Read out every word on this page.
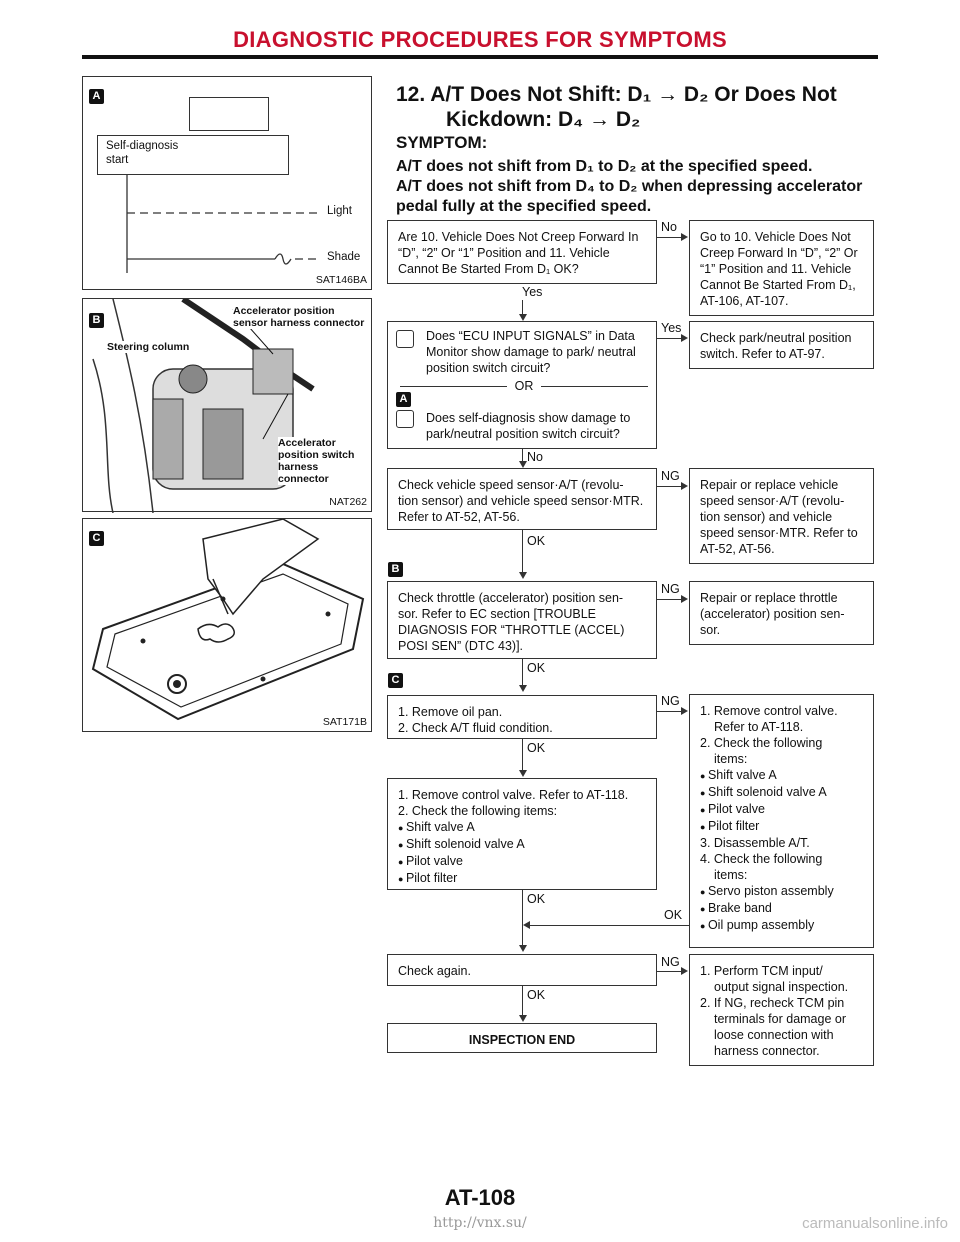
DIAGNOSTIC PROCEDURES FOR SYMPTOMS
A
Self-diagnosis
start
Light
Shade
SAT146BA
B
Accelerator position sensor harness connector
Steering column
Accelerator position switch harness connector
NAT262
C
SAT171B
12. A/T Does Not Shift: D₁ → D₂ Or Does Not
Kickdown: D₄ → D₂
SYMPTOM:
A/T does not shift from D₁ to D₂ at the specified speed.
A/T does not shift from D₄ to D₂ when depressing accelerator
pedal fully at the specified speed.
Are 10. Vehicle Does Not Creep Forward In “D”, “2” Or “1” Position and 11. Vehicle Cannot Be Started From D₁ OK?
No
Go to 10. Vehicle Does Not Creep Forward In “D”, “2” Or “1” Position and 11. Vehicle Cannot Be Started From D₁, AT-106, AT-107.
Yes
Does “ECU INPUT SIGNALS” in Data Monitor show damage to park/ neutral position switch circuit?
OR
A
Does self-diagnosis show damage to park/neutral position switch circuit?
Yes
Check park/neutral position switch. Refer to AT-97.
No
Check vehicle speed sensor·A/T (revolu- tion sensor) and vehicle speed sensor·MTR. Refer to AT-52, AT-56.
NG
Repair or replace vehicle speed sensor·A/T (revolu- tion sensor) and vehicle speed sensor·MTR. Refer to AT-52, AT-56.
OK
B
Check throttle (accelerator) position sen- sor. Refer to EC section [TROUBLE DIAGNOSIS FOR “THROTTLE (ACCEL) POSI SEN” (DTC 43)].
NG
Repair or replace throttle (accelerator) position sen- sor.
OK
C
1. Remove oil pan.
2. Check A/T fluid condition.
NG
1. Remove control valve.
Refer to AT-118.
2. Check the following
items:
● Shift valve A
● Shift solenoid valve A
● Pilot valve
● Pilot filter
3. Disassemble A/T.
4. Check the following
items:
● Servo piston assembly
● Brake band
● Oil pump assembly
OK
1. Remove control valve. Refer to AT-118.
2. Check the following items:
● Shift valve A
● Shift solenoid valve A
● Pilot valve
● Pilot filter
OK
OK
Check again.
NG
1. Perform TCM input/
output signal inspection.
2. If NG, recheck TCM pin
terminals for damage or
loose connection with
harness connector.
OK
INSPECTION END
AT-108
http://vnx.su/	carmanualsonline.info
